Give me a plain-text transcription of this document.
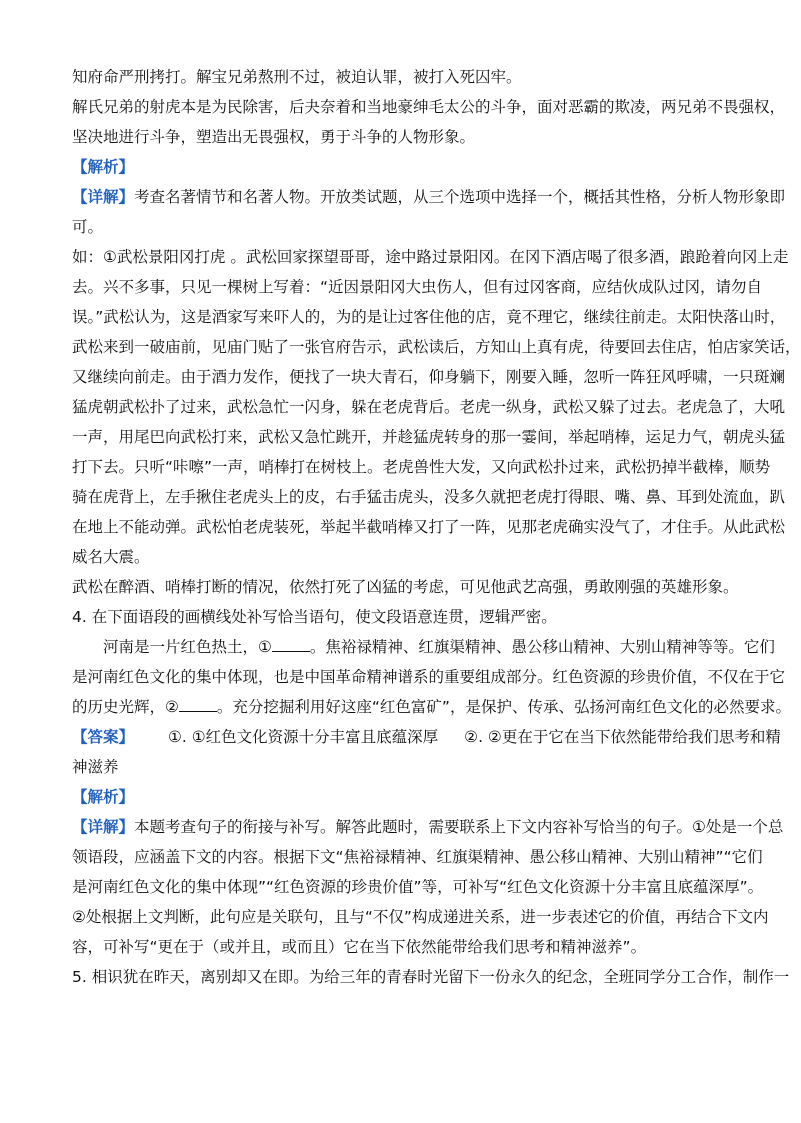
知府命严刑拷打。解宝兄弟熬刑不过，被迫认罪，被打入死囚牢。
解氏兄弟的射虎本是为民除害，后夬奈着和当地豪绅毛太公的斗争，面对恶霸的欺凌，两兄弟不畏强权，
坚决地进行斗争，塑造出无畏强权，勇于斗争的人物形象。
【解析】
【详解】考查名著情节和名著人物。开放类试题，从三个选项中选择一个，概括其性格，分析人物形象即
可。
如：①武松景阳冈打虎 。武松回家探望哥哥，途中路过景阳冈。在冈下酒店喝了很多酒，踉跄着向冈上走
去。兴不多事，只见一棵树上写着：“近因景阳冈大虫伤人，但有过冈客商，应结伙成队过冈，请勿自
误。”武松认为，这是酒家写来吓人的，为的是让过客住他的店，竟不理它，继续往前走。太阳快落山时，
武松来到一破庙前，见庙门贴了一张官府告示，武松读后，方知山上真有虎，待要回去住店，怕店家笑话，
又继续向前走。由于酒力发作，便找了一块大青石，仰身躺下，刚要入睡，忽听一阵狂风呼啸，一只斑斓
猛虎朝武松扑了过来，武松急忙一闪身，躲在老虎背后。老虎一纵身，武松又躲了过去。老虎急了，大吼
一声，用尾巴向武松打来，武松又急忙跳开，并趁猛虎转身的那一霎间，举起哨棒，运足力气，朝虎头猛
打下去。只听“咔嚓”一声，哨棒打在树枝上。老虎兽性大发，又向武松扑过来，武松扔掉半截棒，顺势
骑在虎背上，左手揪住老虎头上的皮，右手猛击虎头，没多久就把老虎打得眼、嘴、鼻、耳到处流血，趴
在地上不能动弹。武松怕老虎装死，举起半截哨棒又打了一阵，见那老虎确实没气了，才住手。从此武松
威名大震。
武松在醉酒、哨棒打断的情况，依然打死了凶猛的考虑，可见他武艺高强，勇敢刚强的英雄形象。
4. 在下面语段的画横线处补写恰当语句，使文段语意连贯，逻辑严密。
河南是一片红色热土，① 。焦裕禄精神、红旗渠精神、愚公移山精神、大别山精神等等。它们
是河南红色文化的集中体现，也是中国革命精神谱系的重要组成部分。红色资源的珍贵价值，不仅在于它
的历史光辉，② 。充分挖掘利用好这座“红色富矿”，是保护、传承、弘扬河南红色文化的必然要求。
【答案】 ①. ①红色文化资源十分丰富且底蕴深厚 ②. ②更在于它在当下依然能带给我们思考和精
神滋养
【解析】
【详解】本题考查句子的衔接与补写。解答此题时，需要联系上下文内容补写恰当的句子。①处是一个总
领语段，应涵盖下文的内容。根据下文“焦裕禄精神、红旗渠精神、愚公移山精神、大别山精神”“它们
是河南红色文化的集中体现”“红色资源的珍贵价值”等，可补写“红色文化资源十分丰富且底蕴深厚”。
②处根据上文判断，此句应是关联句，且与“不仅”构成递进关系，进一步表述它的价值，再结合下文内
容，可补写“更在于（或并且，或而且）它在当下依然能带给我们思考和精神滋养”。
5. 相识犹在昨天，离别却又在即。为给三年的青春时光留下一份永久的纪念，全班同学分工合作，制作一
